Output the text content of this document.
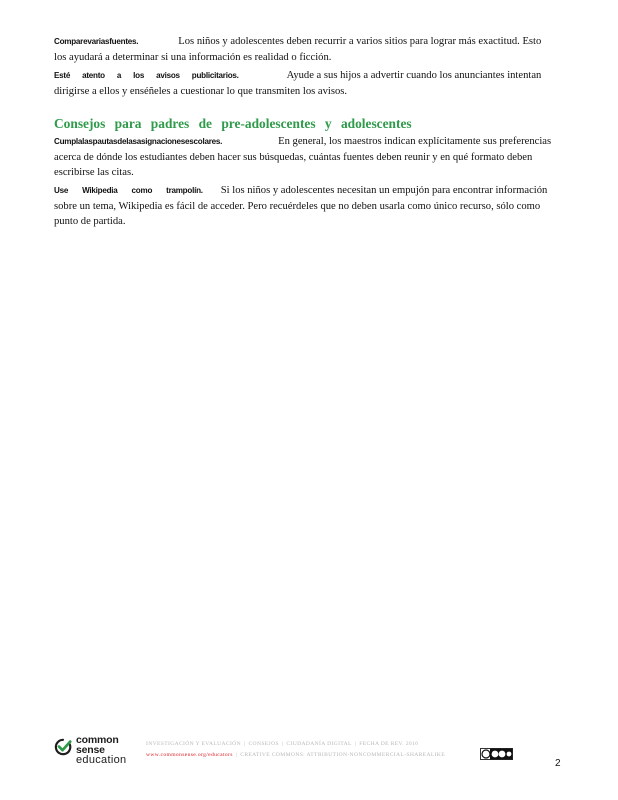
Comparevariasfuentes.	Los niños y adolescentes deben recurrir a varios sitios para lograr más exactitud. Esto los ayudará a determinar si una información es realidad o ficción.
Esté atento a los avisos publicitarios.	Ayude a sus hijos a advertir cuando los anunciantes intentan dirigirse a ellos y enséñeles a cuestionar lo que transmiten los avisos.
Consejos para padres de pre-adolescentes y adolescentes
Cumplalaspautasdelasasignacionesescolares.	En general, los maestros indican explícitamente sus preferencias acerca de dónde los estudiantes deben hacer sus búsquedas, cuántas fuentes deben reunir y en qué formato deben escribirse las citas.
Use Wikipedia como trampolín. Si los niños y adolescentes necesitan un empujón para encontrar información sobre un tema, Wikipedia es fácil de acceder. Pero recuérdeles que no deben usarla como único recurso, sólo como punto de partida.
common
sense
education
INVESTIGACIÓN Y EVALUACIÓN | CONSEJOS | CIUDADANÍA DIGITAL | FECHA DE REV. 2016
www.commonsense.org/educators | CREATIVE COMMONS: ATTRIBUTION-NONCOMMERCIAL-SHAREALIKE
2
